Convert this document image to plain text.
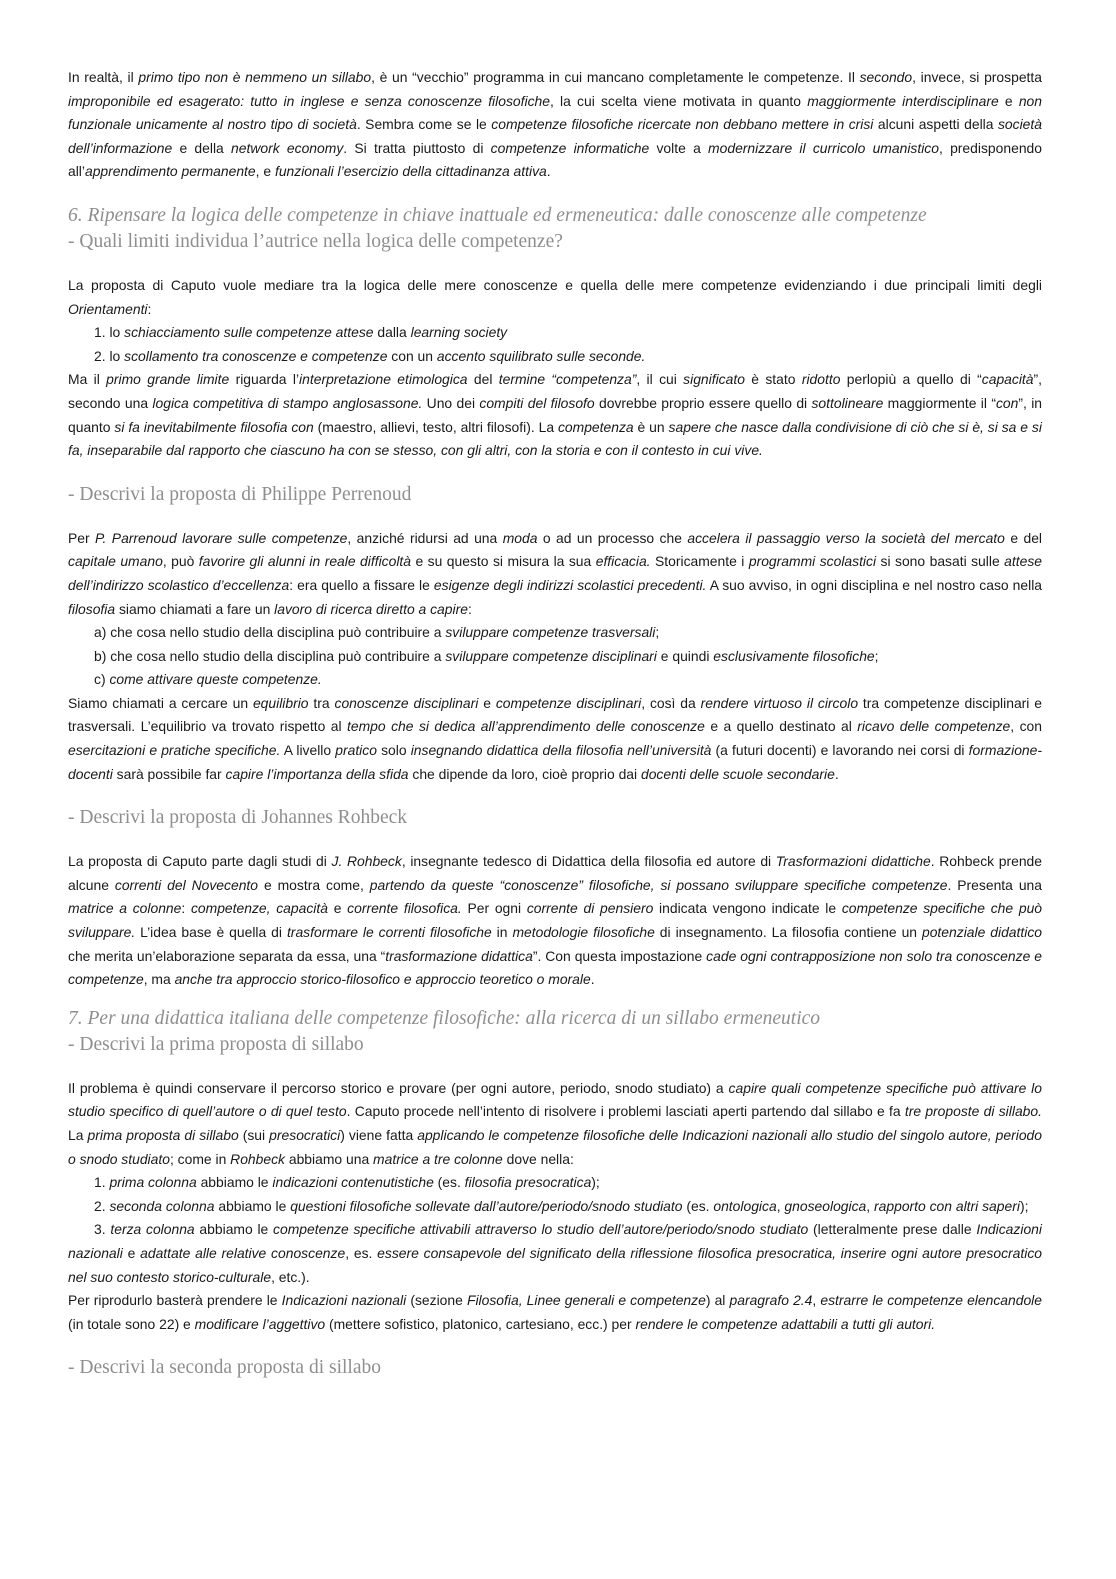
In realtà, il primo tipo non è nemmeno un sillabo, è un “vecchio” programma in cui mancano completamente le competenze. Il secondo, invece, si prospetta improponibile ed esagerato: tutto in inglese e senza conoscenze filosofiche, la cui scelta viene motivata in quanto maggiormente interdisciplinare e non funzionale unicamente al nostro tipo di società. Sembra come se le competenze filosofiche ricercate non debbano mettere in crisi alcuni aspetti della società dell’informazione e della network economy. Si tratta piuttosto di competenze informatiche volte a modernizzare il curricolo umanistico, predisponendo all’apprendimento permanente, e funzionali l’esercizio della cittadinanza attiva.

6. Ripensare la logica delle competenze in chiave inattuale ed ermeneutica: dalle conoscenze alle competenze
- Quali limiti individua l’autrice nella logica delle competenze?

La proposta di Caputo vuole mediare tra la logica delle mere conoscenze e quella delle mere competenze evidenziando i due principali limiti degli Orientamenti:

1. lo schiacciamento sulle competenze attese dalla learning society

2. lo scollamento tra conoscenze e competenze con un accento squilibrato sulle seconde.

Ma il primo grande limite riguarda l’interpretazione etimologica del termine “competenza”, il cui significato è stato ridotto perlopiù a quello di “capacità”, secondo una logica competitiva di stampo anglosassone. Uno dei compiti del filosofo dovrebbe proprio essere quello di sottolineare maggiormente il “con”, in quanto si fa inevitabilmente filosofia con (maestro, allievi, testo, altri filosofi). La competenza è un sapere che nasce dalla condivisione di ciò che si è, si sa e si fa, inseparabile dal rapporto che ciascuno ha con se stesso, con gli altri, con la storia e con il contesto in cui vive.

- Descrivi la proposta di Philippe Perrenoud

Per P. Parrenoud lavorare sulle competenze, anziché ridursi ad una moda o ad un processo che accelera il passaggio verso la società del mercato e del capitale umano, può favorire gli alunni in reale difficoltà e su questo si misura la sua efficacia. Storicamente i programmi scolastici si sono basati sulle attese dell’indirizzo scolastico d’eccellenza: era quello a fissare le esigenze degli indirizzi scolastici precedenti. A suo avviso, in ogni disciplina e nel nostro caso nella filosofia siamo chiamati a fare un lavoro di ricerca diretto a capire:

a) che cosa nello studio della disciplina può contribuire a sviluppare competenze trasversali;

b) che cosa nello studio della disciplina può contribuire a sviluppare competenze disciplinari e quindi esclusivamente filosofiche;

c) come attivare queste competenze.

Siamo chiamati a cercare un equilibrio tra conoscenze disciplinari e competenze disciplinari, così da rendere virtuoso il circolo tra competenze disciplinari e trasversali. L’equilibrio va trovato rispetto al tempo che si dedica all’apprendimento delle conoscenze e a quello destinato al ricavo delle competenze, con esercitazioni e pratiche specifiche. A livello pratico solo insegnando didattica della filosofia nell’università (a futuri docenti) e lavorando nei corsi di formazione-docenti sarà possibile far capire l’importanza della sfida che dipende da loro, cioè proprio dai docenti delle scuole secondarie.

- Descrivi la proposta di Johannes Rohbeck

La proposta di Caputo parte dagli studi di J. Rohbeck, insegnante tedesco di Didattica della filosofia ed autore di Trasformazioni didattiche. Rohbeck prende alcune correnti del Novecento e mostra come, partendo da queste “conoscenze” filosofiche, si possano sviluppare specifiche competenze. Presenta una matrice a colonne: competenze, capacità e corrente filosofica. Per ogni corrente di pensiero indicata vengono indicate le competenze specifiche che può sviluppare. L’idea base è quella di trasformare le correnti filosofiche in metodologie filosofiche di insegnamento. La filosofia contiene un potenziale didattico che merita un’elaborazione separata da essa, una “trasformazione didattica”. Con questa impostazione cade ogni contrapposizione non solo tra conoscenze e competenze, ma anche tra approccio storico-filosofico e approccio teoretico o morale.

7. Per una didattica italiana delle competenze filosofiche: alla ricerca di un sillabo ermeneutico
- Descrivi la prima proposta di sillabo

Il problema è quindi conservare il percorso storico e provare (per ogni autore, periodo, snodo studiato) a capire quali competenze specifiche può attivare lo studio specifico di quell’autore o di quel testo. Caputo procede nell’intento di risolvere i problemi lasciati aperti partendo dal sillabo e fa tre proposte di sillabo. La prima proposta di sillabo (sui presocratici) viene fatta applicando le competenze filosofiche delle Indicazioni nazionali allo studio del singolo autore, periodo o snodo studiato; come in Rohbeck abbiamo una matrice a tre colonne dove nella:

1. prima colonna abbiamo le indicazioni contenutistiche (es. filosofia presocratica);

2. seconda colonna abbiamo le questioni filosofiche sollevate dall’autore/periodo/snodo studiato (es. ontologica, gnoseologica, rapporto con altri saperi);

3. terza colonna abbiamo le competenze specifiche attivabili attraverso lo studio dell’autore/periodo/snodo studiato (letteralmente prese dalle Indicazioni nazionali e adattate alle relative conoscenze, es. essere consapevole del significato della riflessione filosofica presocratica, inserire ogni autore presocratico nel suo contesto storico-culturale, etc.).

Per riprodurlo basterà prendere le Indicazioni nazionali (sezione Filosofia, Linee generali e competenze) al paragrafo 2.4, estrarre le competenze elencandole (in totale sono 22) e modificare l’aggettivo (mettere sofistico, platonico, cartesiano, ecc.) per rendere le competenze adattabili a tutti gli autori.

- Descrivi la seconda proposta di sillabo
